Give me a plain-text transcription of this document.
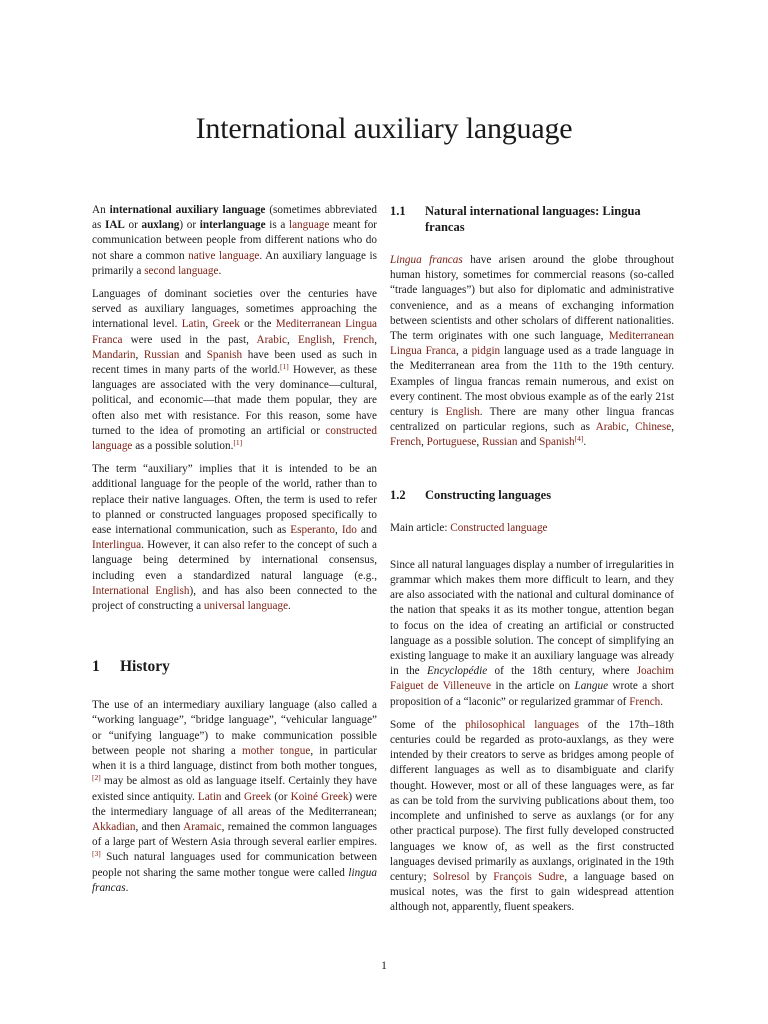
International auxiliary language

An international auxiliary language (sometimes abbreviated as IAL or auxlang) or interlanguage is a language meant for communication between people from different nations who do not share a common native language. An auxiliary language is primarily a second language.

Languages of dominant societies over the centuries have served as auxiliary languages, sometimes approaching the international level. Latin, Greek or the Mediterranean Lingua Franca were used in the past, Arabic, English, French, Mandarin, Russian and Spanish have been used as such in recent times in many parts of the world.[1] However, as these languages are associated with the very dominance—cultural, political, and economic—that made them popular, they are often also met with resistance. For this reason, some have turned to the idea of promoting an artificial or constructed language as a possible solution.[1]

The term “auxiliary” implies that it is intended to be an additional language for the people of the world, rather than to replace their native languages. Often, the term is used to refer to planned or constructed languages proposed specifically to ease international communication, such as Esperanto, Ido and Interlingua. However, it can also refer to the concept of such a language being determined by international consensus, including even a standardized natural language (e.g., International English), and has also been connected to the project of constructing a universal language.

1	History

The use of an intermediary auxiliary language (also called a “working language”, “bridge language”, “vehicular language” or “unifying language”) to make communication possible between people not sharing a mother tongue, in particular when it is a third language, distinct from both mother tongues,[2] may be almost as old as language itself. Certainly they have existed since antiquity. Latin and Greek (or Koiné Greek) were the intermediary language of all areas of the Mediterranean; Akkadian, and then Aramaic, remained the common languages of a large part of Western Asia through several earlier empires.[3] Such natural languages used for communication between people not sharing the same mother tongue were called lingua francas.

1.1	Natural international languages: Lingua francas

Lingua francas have arisen around the globe throughout human history, sometimes for commercial reasons (so-called “trade languages”) but also for diplomatic and administrative convenience, and as a means of exchanging information between scientists and other scholars of different nationalities. The term originates with one such language, Mediterranean Lingua Franca, a pidgin language used as a trade language in the Mediterranean area from the 11th to the 19th century. Examples of lingua francas remain numerous, and exist on every continent. The most obvious example as of the early 21st century is English. There are many other lingua francas centralized on particular regions, such as Arabic, Chinese, French, Portuguese, Russian and Spanish[4].

1.2	Constructing languages

Main article: Constructed language

Since all natural languages display a number of irregularities in grammar which makes them more difficult to learn, and they are also associated with the national and cultural dominance of the nation that speaks it as its mother tongue, attention began to focus on the idea of creating an artificial or constructed language as a possible solution. The concept of simplifying an existing language to make it an auxiliary language was already in the Encyclopédie of the 18th century, where Joachim Faiguet de Villeneuve in the article on Langue wrote a short proposition of a “laconic” or regularized grammar of French.

Some of the philosophical languages of the 17th–18th centuries could be regarded as proto-auxlangs, as they were intended by their creators to serve as bridges among people of different languages as well as to disambiguate and clarify thought. However, most or all of these languages were, as far as can be told from the surviving publications about them, too incomplete and unfinished to serve as auxlangs (or for any other practical purpose). The first fully developed constructed languages we know of, as well as the first constructed languages devised primarily as auxlangs, originated in the 19th century; Solresol by François Sudre, a language based on musical notes, was the first to gain widespread attention although not, apparently, fluent speakers.

1
